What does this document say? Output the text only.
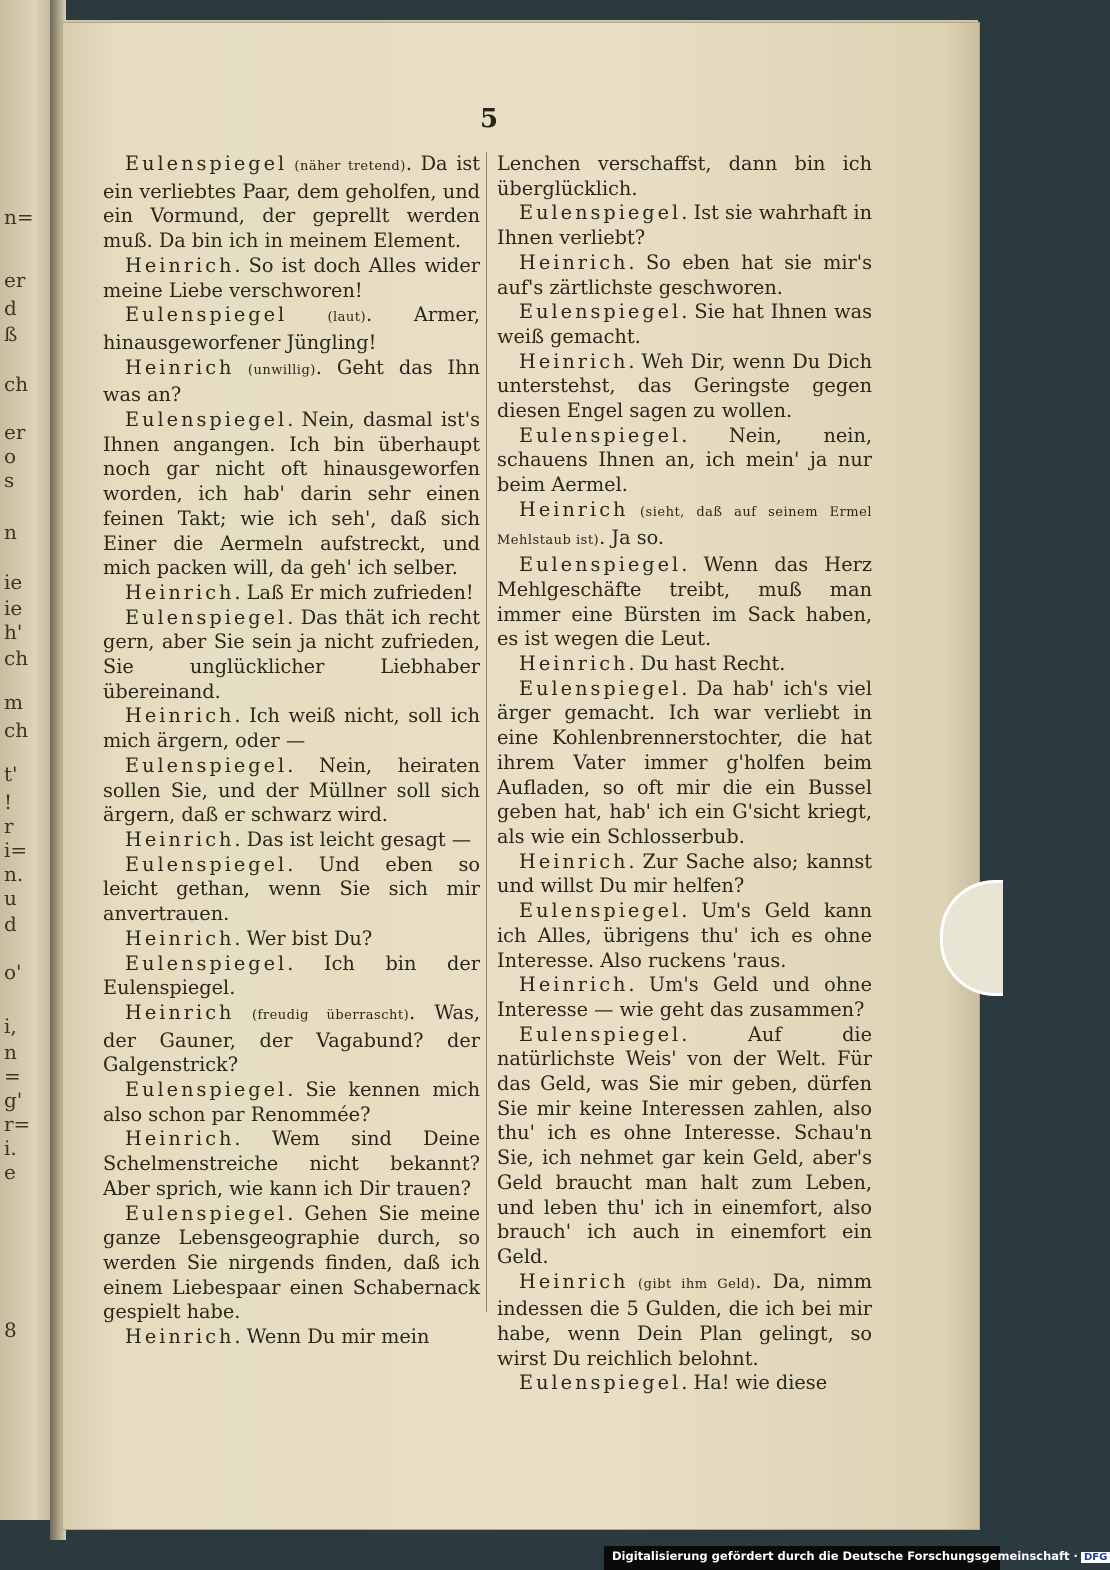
n=
er
d
ß
ch
er
o
s
n
ie
ie
h'
ch
m
ch
t'
!
r
i=
n.
u
d
o'
i,
n
=
g'
r=
i.
e
8
5

Eulenspiegel (näher tretend). Da ist ein verliebtes Paar, dem geholfen, und ein Vormund, der geprellt werden muß. Da bin ich in meinem Element.

Heinrich. So ist doch Alles wider meine Liebe verschworen!

Eulenspiegel (laut). Armer, hinausgeworfener Jüngling!

Heinrich (unwillig). Geht das Ihn was an?

Eulenspiegel. Nein, dasmal ist's Ihnen angangen. Ich bin überhaupt noch gar nicht oft hinausgeworfen worden, ich hab' darin sehr einen feinen Takt; wie ich seh', daß sich Einer die Aermeln aufstreckt, und mich packen will, da geh' ich selber.

Heinrich. Laß Er mich zufrieden!

Eulenspiegel. Das thät ich recht gern, aber Sie sein ja nicht zufrieden, Sie unglücklicher Liebhaber übereinand.

Heinrich. Ich weiß nicht, soll ich mich ärgern, oder —

Eulenspiegel. Nein, heiraten sollen Sie, und der Müllner soll sich ärgern, daß er schwarz wird.

Heinrich. Das ist leicht gesagt —

Eulenspiegel. Und eben so leicht gethan, wenn Sie sich mir anvertrauen.

Heinrich. Wer bist Du?

Eulenspiegel. Ich bin der Eulenspiegel.

Heinrich (freudig überrascht). Was, der Gauner, der Vagabund? der Galgenstrick?

Eulenspiegel. Sie kennen mich also schon par Renommée?

Heinrich. Wem sind Deine Schelmenstreiche nicht bekannt? Aber sprich, wie kann ich Dir trauen?

Eulenspiegel. Gehen Sie meine ganze Lebensgeographie durch, so werden Sie nirgends finden, daß ich einem Liebespaar einen Schabernack gespielt habe.

Heinrich. Wenn Du mir mein

Lenchen verschaffst, dann bin ich überglücklich.

Eulenspiegel. Ist sie wahrhaft in Ihnen verliebt?

Heinrich. So eben hat sie mir's auf's zärtlichste geschworen.

Eulenspiegel. Sie hat Ihnen was weiß gemacht.

Heinrich. Weh Dir, wenn Du Dich unterstehst, das Geringste gegen diesen Engel sagen zu wollen.

Eulenspiegel. Nein, nein, schauens Ihnen an, ich mein' ja nur beim Aermel.

Heinrich (sieht, daß auf seinem Ermel Mehlstaub ist). Ja so.

Eulenspiegel. Wenn das Herz Mehlgeschäfte treibt, muß man immer eine Bürsten im Sack haben, es ist wegen die Leut.

Heinrich. Du hast Recht.

Eulenspiegel. Da hab' ich's viel ärger gemacht. Ich war verliebt in eine Kohlenbrennerstochter, die hat ihrem Vater immer g'holfen beim Aufladen, so oft mir die ein Bussel geben hat, hab' ich ein G'sicht kriegt, als wie ein Schlosserbub.

Heinrich. Zur Sache also; kannst und willst Du mir helfen?

Eulenspiegel. Um's Geld kann ich Alles, übrigens thu' ich es ohne Interesse. Also ruckens 'raus.

Heinrich. Um's Geld und ohne Interesse — wie geht das zusammen?

Eulenspiegel. Auf die natürlichste Weis' von der Welt. Für das Geld, was Sie mir geben, dürfen Sie mir keine Interessen zahlen, also thu' ich es ohne Interesse. Schau'n Sie, ich nehmet gar kein Geld, aber's Geld braucht man halt zum Leben, und leben thu' ich in einemfort, also brauch' ich auch in einemfort ein Geld.

Heinrich (gibt ihm Geld). Da, nimm indessen die 5 Gulden, die ich bei mir habe, wenn Dein Plan gelingt, so wirst Du reichlich belohnt.

Eulenspiegel. Ha! wie diese

Digitalisierung gefördert durch die Deutsche Forschungsgemeinschaft · DFG
